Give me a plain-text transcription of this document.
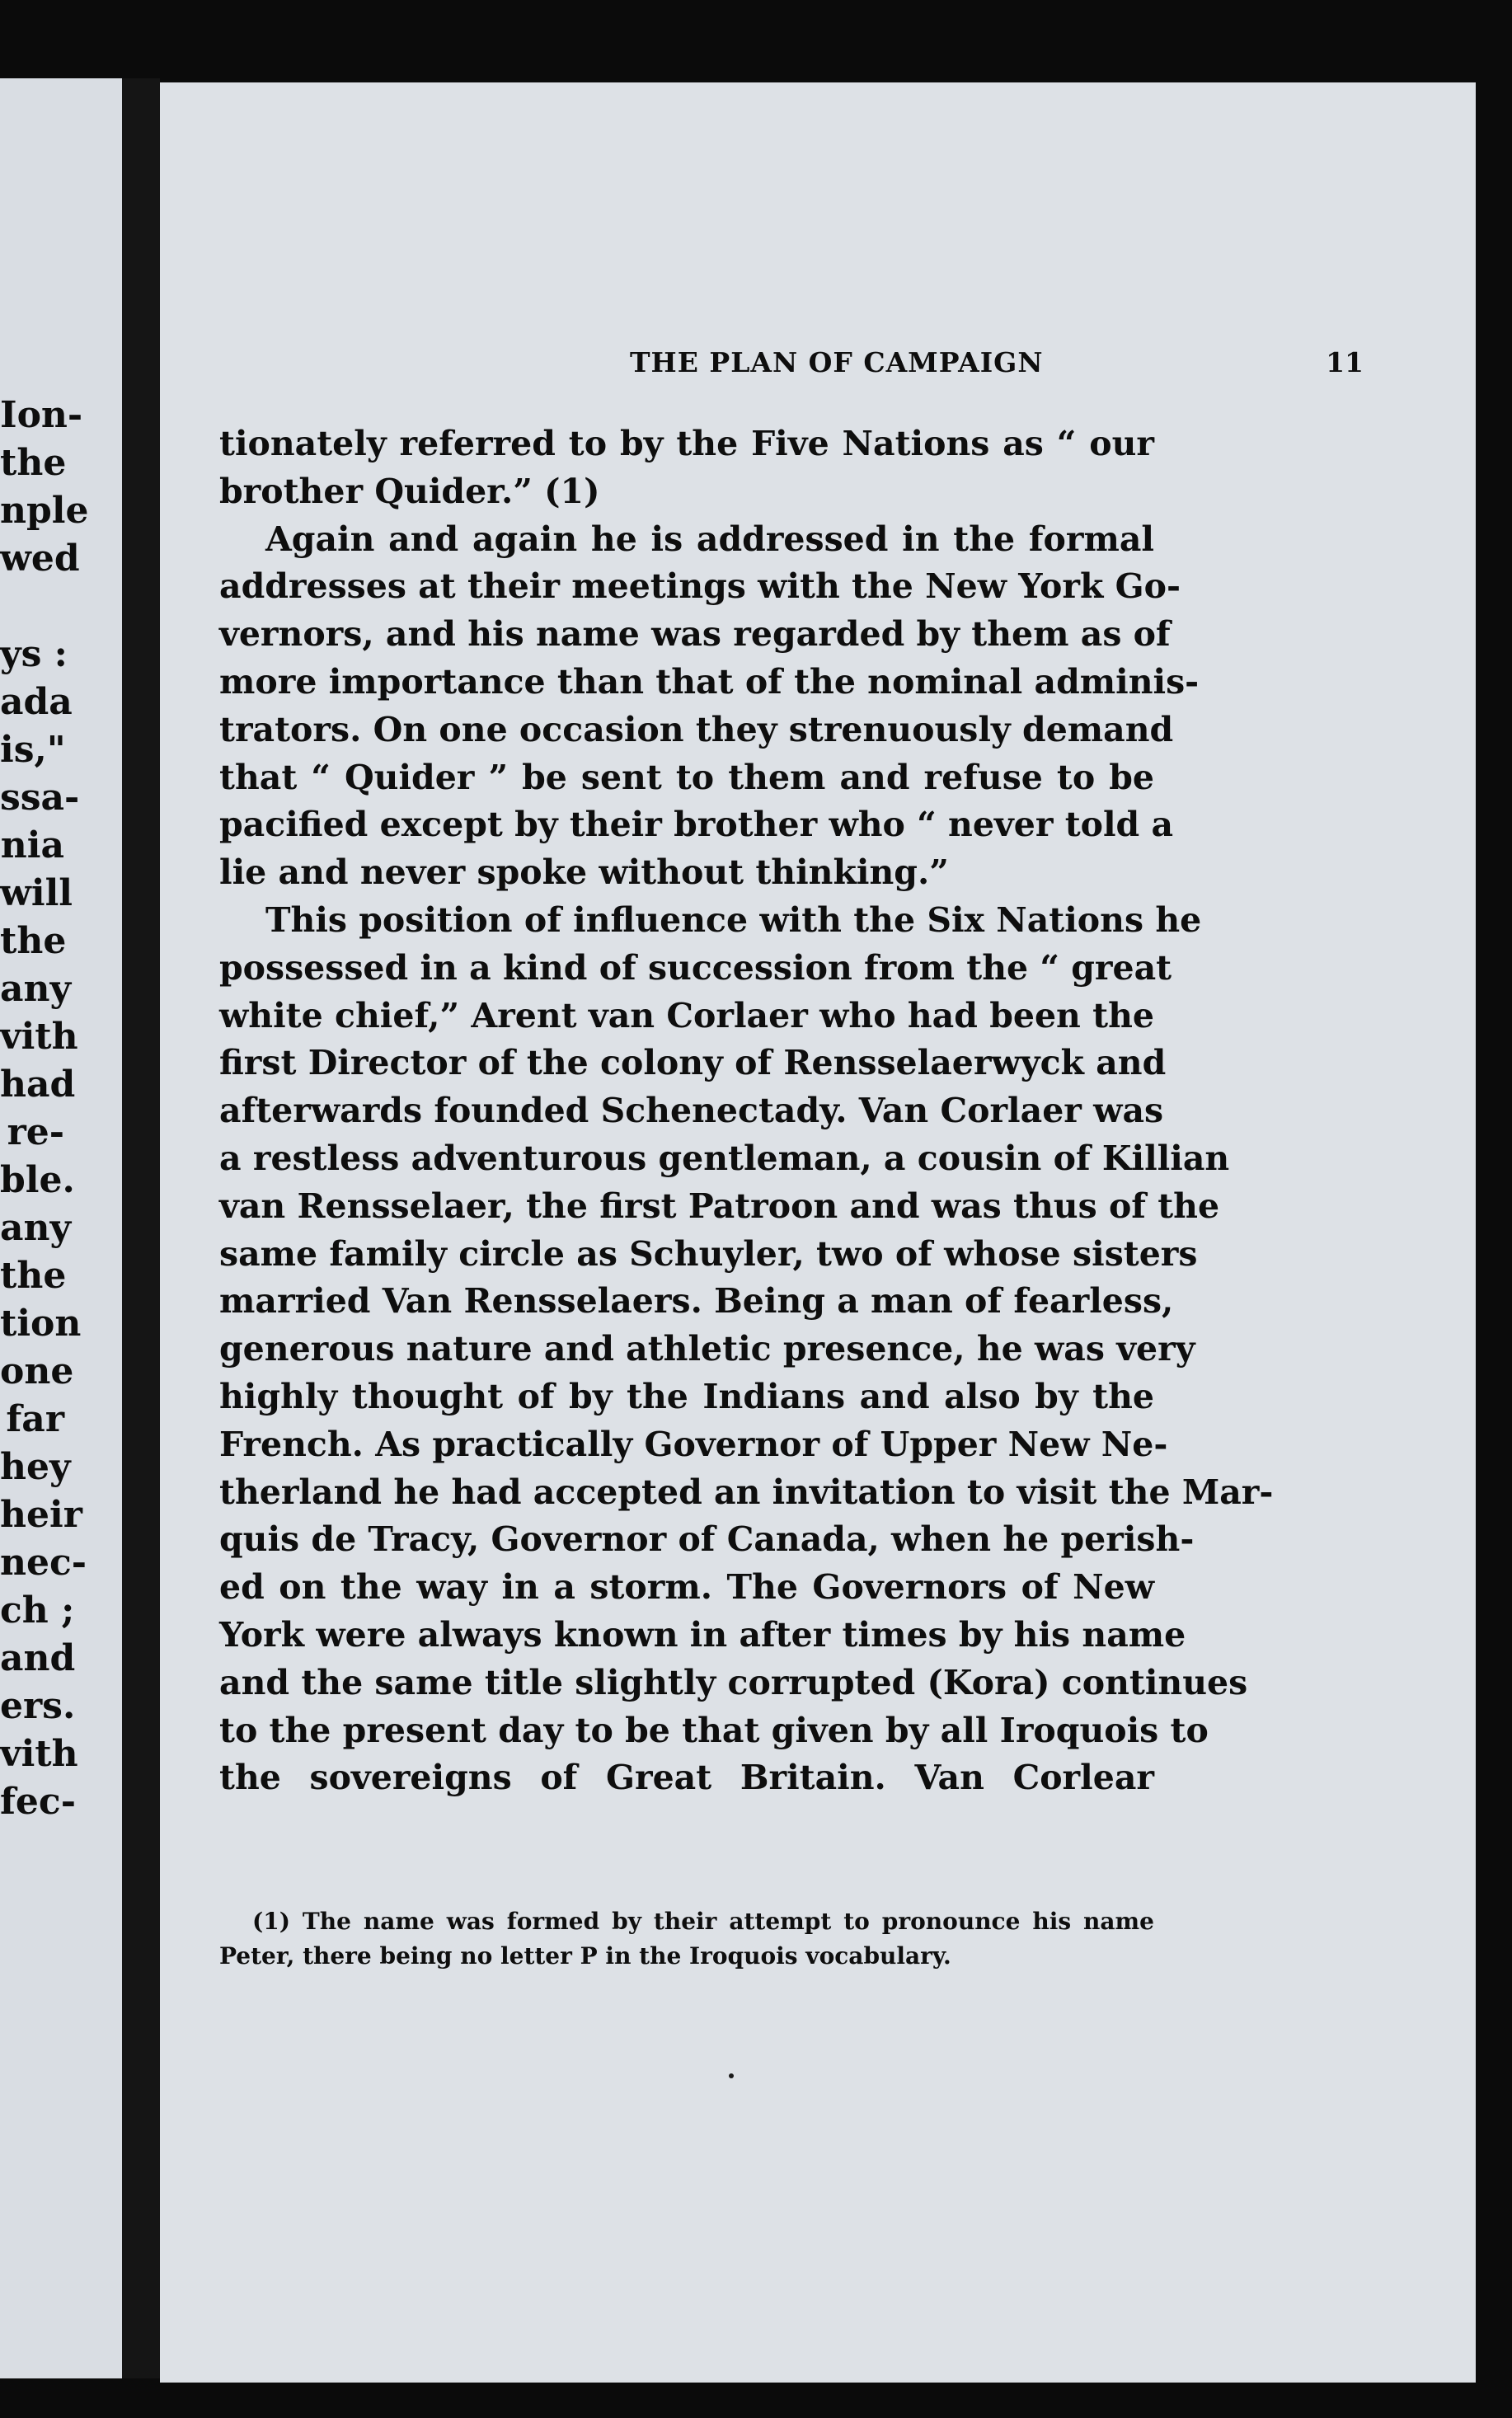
Ion-
the
nple
wed
ys :
ada
is,"
ssa-
nia
will
the
any
vith
had
re-
ble.
any
the
tion
one
far
hey
heir
nec-
ch ;
and
ers.
vith
fec-
THE PLAN OF CAMPAIGN	11
tionately referred to by the Five Nations as “ our
brother Quider.” (1)
Again and again he is addressed in the formal
addresses at their meetings with the New York Go-
vernors, and his name was regarded by them as of
more importance than that of the nominal adminis-
trators. On one occasion they strenuously demand
that “ Quider ” be sent to them and refuse to be
pacified except by their brother who “ never told a
lie and never spoke without thinking.”
This position of influence with the Six Nations he
possessed in a kind of succession from the “ great
white chief,” Arent van Corlaer who had been the
first Director of the colony of Rensselaerwyck and
afterwards founded Schenectady. Van Corlaer was
a restless adventurous gentleman, a cousin of Killian
van Rensselaer, the first Patroon and was thus of the
same family circle as Schuyler, two of whose sisters
married Van Rensselaers. Being a man of fearless,
generous nature and athletic presence, he was very
highly thought of by the Indians and also by the
French. As practically Governor of Upper New Ne-
therland he had accepted an invitation to visit the Mar-
quis de Tracy, Governor of Canada, when he perish-
ed on the way in a storm. The Governors of New
York were always known in after times by his name
and the same title slightly corrupted (Kora) continues
to the present day to be that given by all Iroquois to
the sovereigns of Great Britain. Van Corlear
(1) The name was formed by their attempt to pronounce his name
Peter, there being no letter P in the Iroquois vocabulary.
